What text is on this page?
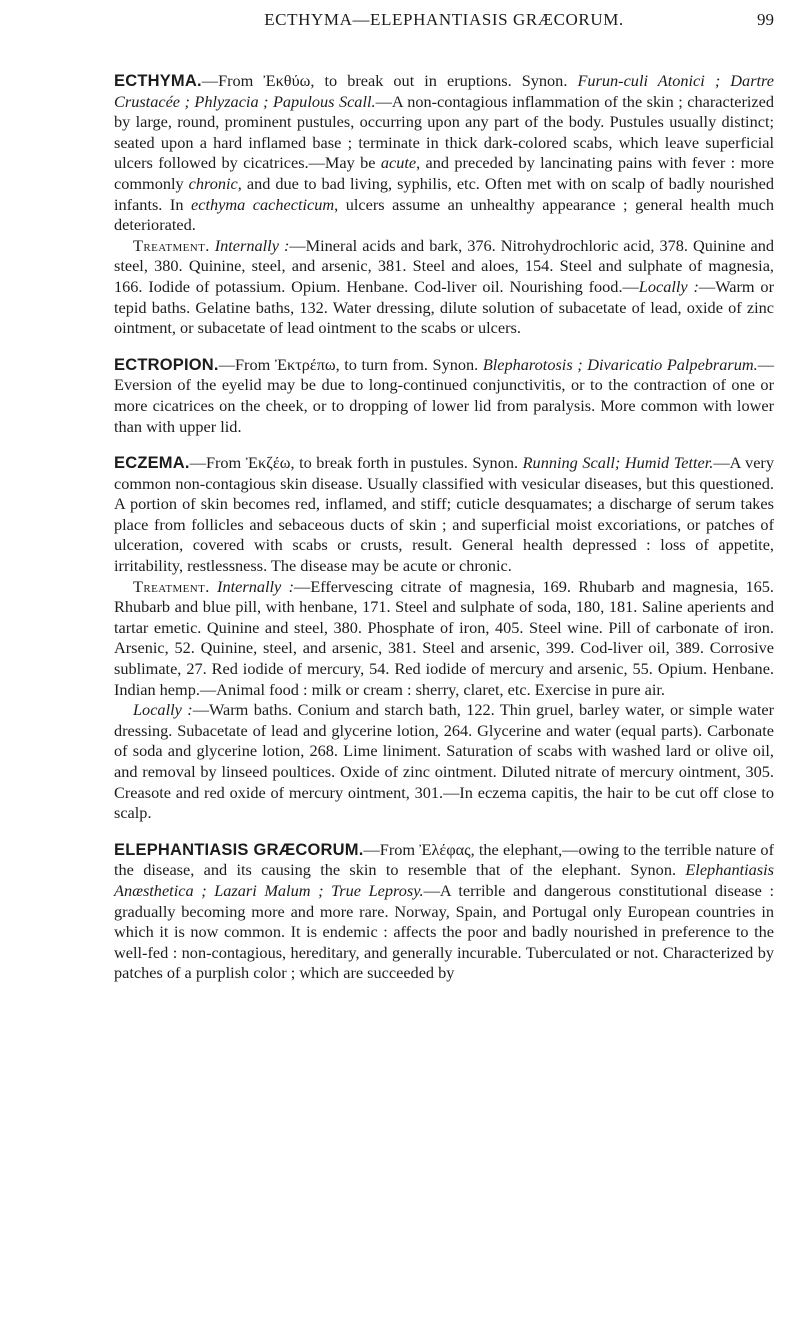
ECTHYMA—ELEPHANTIASIS GRÆCORUM.	99

ECTHYMA.—From Ἐκθύω, to break out in eruptions. Synon. Furun-culi Atonici ; Dartre Crustacée ; Phlyzacia ; Papulous Scall.—A non-contagious inflammation of the skin ; characterized by large, round, prominent pustules, occurring upon any part of the body. Pustules usually distinct; seated upon a hard inflamed base ; terminate in thick dark-colored scabs, which leave superficial ulcers followed by cicatrices.—May be acute, and preceded by lancinating pains with fever : more commonly chronic, and due to bad living, syphilis, etc. Often met with on scalp of badly nourished infants. In ecthyma cachecticum, ulcers assume an unhealthy appearance ; general health much deteriorated.

Treatment. Internally :—Mineral acids and bark, 376. Nitrohydrochloric acid, 378. Quinine and steel, 380. Quinine, steel, and arsenic, 381. Steel and aloes, 154. Steel and sulphate of magnesia, 166. Iodide of potassium. Opium. Henbane. Cod-liver oil. Nourishing food.—Locally :—Warm or tepid baths. Gelatine baths, 132. Water dressing, dilute solution of subacetate of lead, oxide of zinc ointment, or subacetate of lead ointment to the scabs or ulcers.

ECTROPION.—From Ἐκτρέπω, to turn from. Synon. Blepharotosis ; Divaricatio Palpebrarum.—Eversion of the eyelid may be due to long-continued conjunctivitis, or to the contraction of one or more cicatrices on the cheek, or to dropping of lower lid from paralysis. More common with lower than with upper lid.

ECZEMA.—From Ἐκζέω, to break forth in pustules. Synon. Running Scall; Humid Tetter.—A very common non-contagious skin disease. Usually classified with vesicular diseases, but this questioned. A portion of skin becomes red, inflamed, and stiff; cuticle desquamates; a discharge of serum takes place from follicles and sebaceous ducts of skin ; and superficial moist excoriations, or patches of ulceration, covered with scabs or crusts, result. General health depressed : loss of appetite, irritability, restlessness. The disease may be acute or chronic.

Treatment. Internally :—Effervescing citrate of magnesia, 169. Rhubarb and magnesia, 165. Rhubarb and blue pill, with henbane, 171. Steel and sulphate of soda, 180, 181. Saline aperients and tartar emetic. Quinine and steel, 380. Phosphate of iron, 405. Steel wine. Pill of carbonate of iron. Arsenic, 52. Quinine, steel, and arsenic, 381. Steel and arsenic, 399. Cod-liver oil, 389. Corrosive sublimate, 27. Red iodide of mercury, 54. Red iodide of mercury and arsenic, 55. Opium. Henbane. Indian hemp.—Animal food : milk or cream : sherry, claret, etc. Exercise in pure air.

Locally :—Warm baths. Conium and starch bath, 122. Thin gruel, barley water, or simple water dressing. Subacetate of lead and glycerine lotion, 264. Glycerine and water (equal parts). Carbonate of soda and glycerine lotion, 268. Lime liniment. Saturation of scabs with washed lard or olive oil, and removal by linseed poultices. Oxide of zinc ointment. Diluted nitrate of mercury ointment, 305. Creasote and red oxide of mercury ointment, 301.—In eczema capitis, the hair to be cut off close to scalp.

ELEPHANTIASIS GRÆCORUM.—From Ἐλέφας, the elephant,—owing to the terrible nature of the disease, and its causing the skin to resemble that of the elephant. Synon. Elephantiasis Anæsthetica ; Lazari Malum ; True Leprosy.—A terrible and dangerous constitutional disease : gradually becoming more and more rare. Norway, Spain, and Portugal only European countries in which it is now common. It is endemic : affects the poor and badly nourished in preference to the well-fed : non-contagious, hereditary, and generally incurable. Tuberculated or not. Characterized by patches of a purplish color ; which are succeeded by
